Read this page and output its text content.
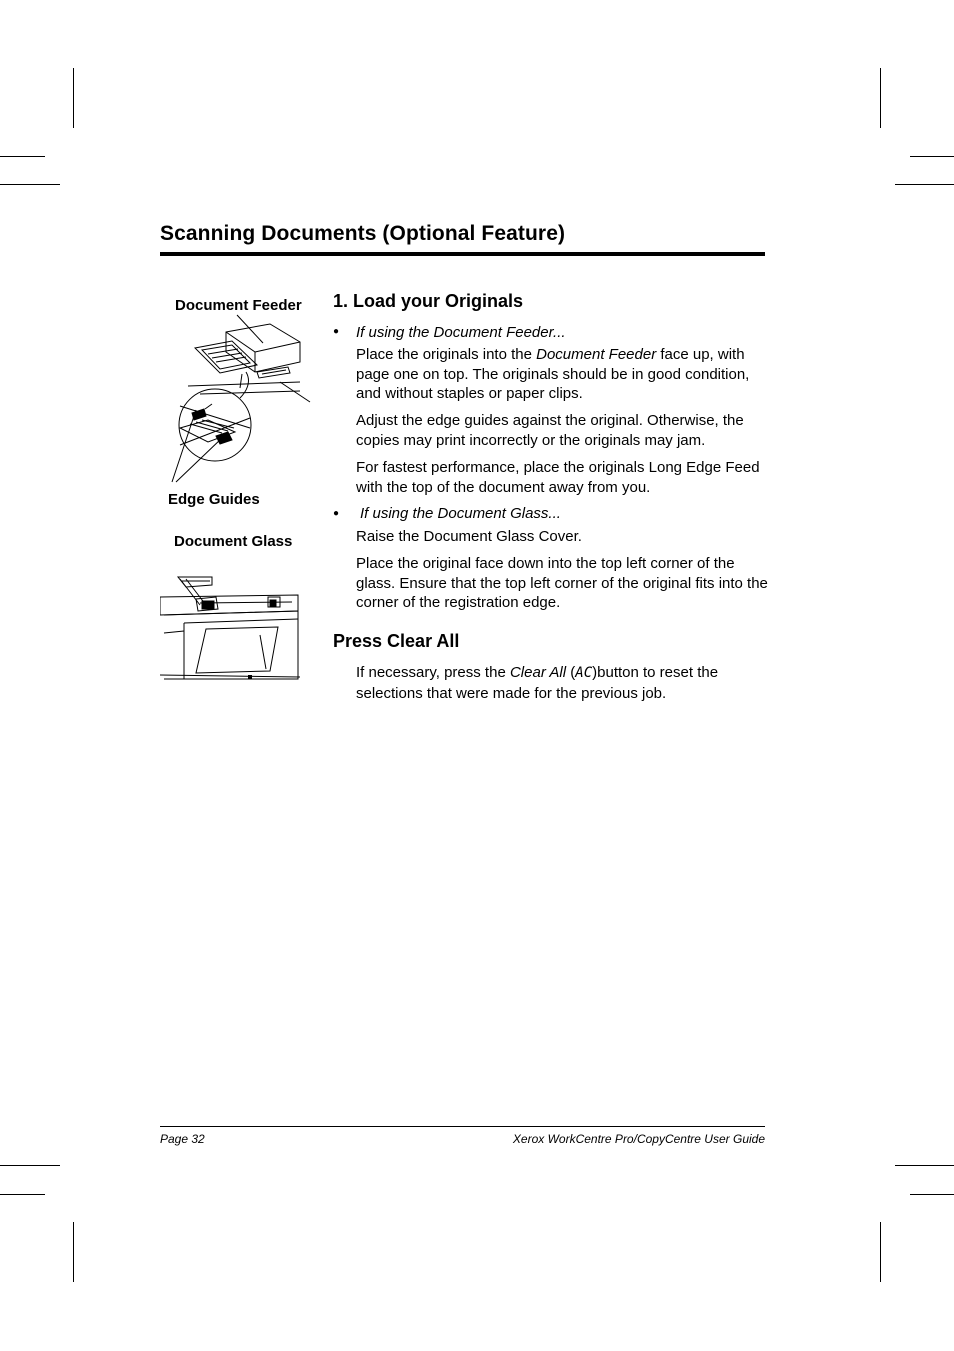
Scanning Documents (Optional Feature)
Document Feeder
Edge Guides
Document Glass
1. Load your Originals
● If using the Document Feeder...

Place the originals into the Document Feeder face up, with page one on top. The originals should be in good condition, and without staples or paper clips.

Adjust the edge guides against the original. Otherwise, the copies may print incorrectly or the originals may jam.

For fastest performance, place the originals Long Edge Feed with the top of the document away from you.

● If using the Document Glass...

Raise the Document Glass Cover.

Place the original face down into the top left corner of the glass. Ensure that the top left corner of the original fits into the corner of the registration edge.

Press Clear All

If necessary, press the Clear All (AC)button to reset the selections that were made for the previous job.

Page 32	Xerox WorkCentre Pro/CopyCentre User Guide
